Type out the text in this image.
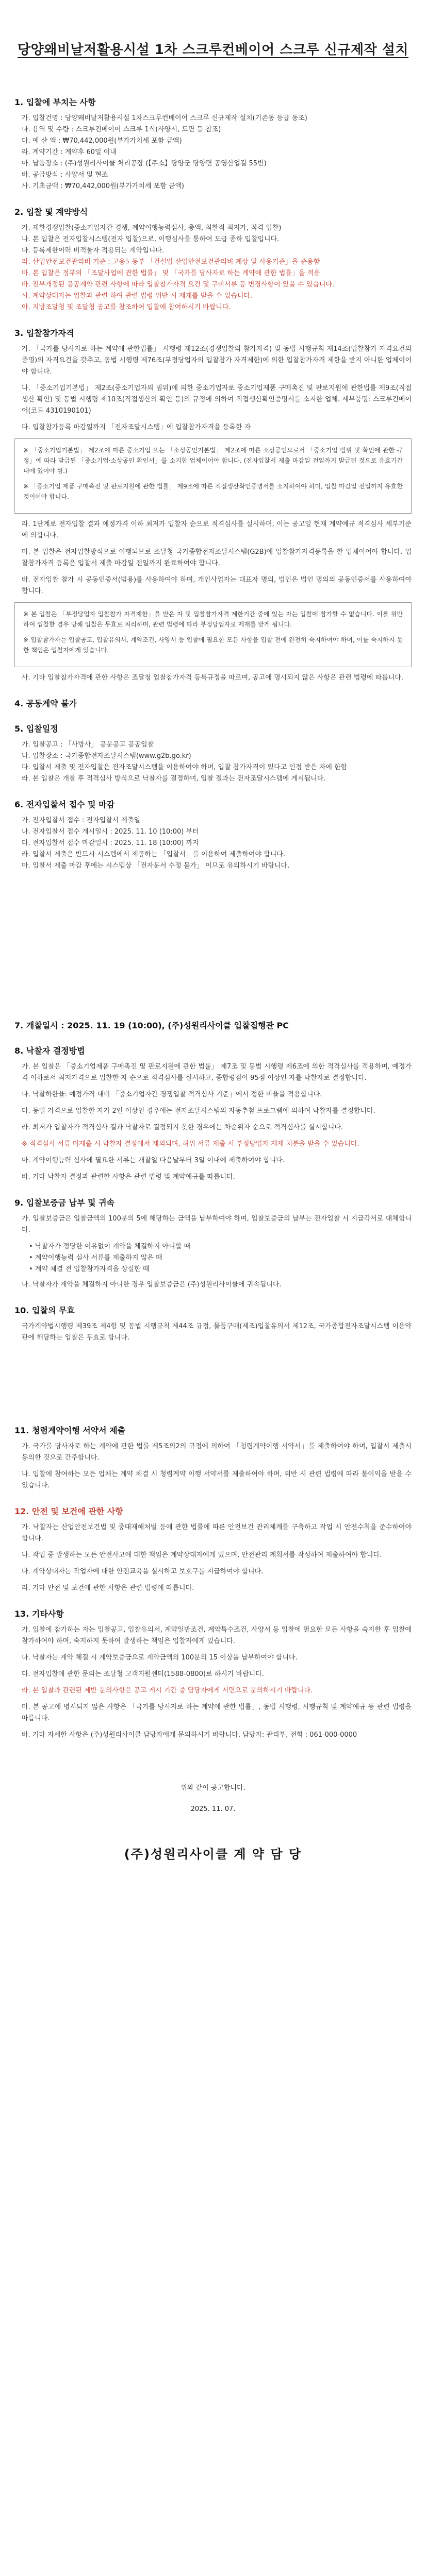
당양왜비날저활용시설 1차 스크루컨베이어 스크루 신규제작 설치

1. 입찰에 부치는 사항

가. 입찰건명 : 당양왜비날저활용시설 1차스크루컨베이어 스크루 신규제작 설치(기존동 등급 동조)

나. 용역 및 수량 : 스크루컨베이어 스크루 1식(사양서, 도면 등 참조)

다. 예 산 액 : ₩70,442,000원(부가가치세 포함 금액)

라. 계약기간 : 계약후 60일 이내

마. 납품장소 : (주)성원리사이클 처리공장 (【주소】당양군 당양면 공영산업길 55번)

바. 공급방식 : 사양서 및 현조

사. 기초금액 : ₩70,442,000원(부가가치세 포함 금액)

2. 입찰 및 계약방식

가. 제한경쟁입찰(중소기업자간 경쟁, 계약이행능력심사, 총액, 최한적 최저가, 적격 입찰)

나. 본 입찰은 전자입찰시스템(전자 입찰)으로, 이행심사를 통하여 도급 종하 입찰입니다.

다. 등록제한이력 비적물자 적용되는 계약입니다.

라. 산업안전보건관리비 기준 : 고용노동부 「건설업 산업안전보건관리비 계상 및 사용기준」을 준용함

마. 본 입찰은 정부의 「조달사업에 관한 법률」 및 「국가를 당사자로 하는 계약에 관한 법률」을 적용

바. 전부개정된 공공계약 관련 사항에 따라 입찰참가자격 요건 및 구비서류 등 변경사항이 있을 수 있습니다.

사. 계약상대자는 입찰과 관련 하여 관련 법령 위반 시 제재를 받을 수 있습니다.

아. 지방조달청 및 조달청 공고를 참조하여 입찰에 참여하시기 바랍니다.

3. 입찰참가자격

가. 「국가를 당사자로 하는 계약에 관한법률」 시행령 제12조(경쟁입찰의 참가자격) 및 동법 시행규칙 제14조(입찰참가 자격요건의 증명)의 자격요건을 갖추고, 동법 시행령 제76조(부정당업자의 입찰참가 자격제한)에 의한 입찰참가자격 제한을 받지 아니한 업체이어야 합니다.

나. 「중소기업기본법」 제2조(중소기업자의 범위)에 의한 중소기업자로 중소기업제품 구매촉진 및 판로지원에 관한법률 제9조(직접생산 확인) 및 동법 시행령 제10조(직접생산의 확인 등)의 규정에 의하여 직접생산확인증명서를 소지한 업체. 세부품명: 스크루컨베이어(코드 4310190101)

다. 입찰참가등록 마감일까지 「전자조달시스템」에 입찰참가자격을 등록한 자

※ 「중소기업기본법」 제2조에 따른 중소기업 또는 「소상공인기본법」 제2조에 따른 소상공인으로서 「중소기업 범위 및 확인에 관한 규정」에 따라 발급된 「중소기업·소상공인 확인서」를 소지한 업체이어야 합니다. (전자입찰서 제출 마감일 전일까지 발급된 것으로 유효기간 내에 있어야 함.)

※ 「중소기업 제품 구매촉진 및 판로지원에 관한 법률」 제9조에 따른 직접생산확인증명서를 소지하여야 하며, 입찰 마감일 전일까지 유효한 것이어야 합니다.

라. 1단계로 전자입찰 결과 예정가격 이하 최저가 입찰자 순으로 적격심사를 실시하며, 이는 공고일 현재 계약예규 적격심사 세부기준에 의합니다.

마. 본 입찰은 전자입찰방식으로 이행되므로 조달청 국가종합전자조달시스템(G2B)에 입찰참가자격등록을 한 업체이어야 합니다. 입찰참가자격 등록은 입찰서 제출 마감일 전일까지 완료하여야 합니다.

바. 전자입찰 참가 시 공동인증서(범용)를 사용하여야 하며, 개인사업자는 대표자 명의, 법인은 법인 명의의 공동인증서를 사용하여야 합니다.

※ 본 입찰은 「부정당업자 입찰참가 자격제한」을 받은 자 및 입찰참가자격 제한기간 중에 있는 자는 입찰에 참가할 수 없습니다. 이를 위반하여 입찰한 경우 당해 입찰은 무효로 처리하며, 관련 법령에 따라 부정당업자로 제재를 받게 됩니다.

※ 입찰참가자는 입찰공고, 입찰유의서, 계약조건, 사양서 등 입찰에 필요한 모든 사항을 입찰 전에 완전히 숙지하여야 하며, 이를 숙지하지 못한 책임은 입찰자에게 있습니다.

사. 기타 입찰참가자격에 관한 사항은 조달청 입찰참가자격 등록규정을 따르며, 공고에 명시되지 않은 사항은 관련 법령에 따릅니다.

4. 공동계약 불가

5. 입찰일정

가. 입찰공고 : 「사방사」 공문공고 공공입찰

나. 입찰장소 : 국가종합전자조달시스템(www.g2b.go.kr)

다. 입찰서 제출 및 전자입찰은 전자조달시스템을 이용하여야 하며, 입찰 참가자격이 있다고 인정 받은 자에 한함

라. 본 입찰은 개찰 후 적격심사 방식으로 낙찰자를 결정하며, 입찰 결과는 전자조달시스템에 게시됩니다.

6. 전자입찰서 접수 및 마감

가. 전자입찰서 접수 : 전자입찰서 제출일

나. 전자입찰서 접수 개시일시 : 2025. 11. 10 (10:00) 부터

다. 전자입찰서 접수 마감일시 : 2025. 11. 18 (10:00) 까지

라. 입찰서 제출은 반드시 시스템에서 제공하는 「입찰서」를 이용하여 제출하여야 합니다.

마. 입찰서 제출 마감 후에는 시스템상 「전자문서 수정 불가」 이므로 유의하시기 바랍니다.

7. 개찰일시 : 2025. 11. 19 (10:00), (주)성원리사이클 입찰집행관 PC

8. 낙찰자 결정방법

가. 본 입찰은 「중소기업제품 구매촉진 및 판로지원에 관한 법률」 제7조 및 동법 시행령 제6조에 의한 적격심사를 적용하며, 예정가격 이하로서 최저가격으로 입찰한 자 순으로 적격심사를 실시하고, 종합평점이 95점 이상인 자를 낙찰자로 결정합니다.

나. 낙찰하한율: 예정가격 대비 「중소기업자간 경쟁입찰 적격심사 기준」에서 정한 비율을 적용합니다.

다. 동일 가격으로 입찰한 자가 2인 이상인 경우에는 전자조달시스템의 자동추첨 프로그램에 의하여 낙찰자를 결정합니다.

라. 최저가 입찰자가 적격심사 결과 낙찰자로 결정되지 못한 경우에는 차순위자 순으로 적격심사를 실시합니다.

※ 적격심사 서류 미제출 시 낙찰자 결정에서 제외되며, 허위 서류 제출 시 부정당업자 제재 처분을 받을 수 있습니다.

마. 계약이행능력 심사에 필요한 서류는 개찰일 다음날부터 3일 이내에 제출하여야 합니다.

바. 기타 낙찰자 결정과 관련한 사항은 관련 법령 및 계약예규를 따릅니다.

9. 입찰보증금 납부 및 귀속

가. 입찰보증금은 입찰금액의 100분의 5에 해당하는 금액을 납부하여야 하며, 입찰보증금의 납부는 전자입찰 시 지급각서로 대체합니다.

• 낙찰자가 정당한 이유없이 계약을 체결하지 아니할 때

• 계약이행능력 심사 서류를 제출하지 않은 때

• 계약 체결 전 입찰참가자격을 상실한 때

나. 낙찰자가 계약을 체결하지 아니한 경우 입찰보증금은 (주)성원리사이클에 귀속됩니다.

10. 입찰의 무효

국가계약법시행령 제39조 제4항 및 동법 시행규칙 제44조 규정, 물품구매(제조)입찰유의서 제12조, 국가종합전자조달시스템 이용약관에 해당하는 입찰은 무효로 합니다.

11. 청렴계약이행 서약서 제출

가. 국가를 당사자로 하는 계약에 관한 법률 제5조의2의 규정에 의하여 「청렴계약이행 서약서」를 제출하여야 하며, 입찰서 제출시 동의한 것으로 간주합니다.

나. 입찰에 참여하는 모든 업체는 계약 체결 시 청렴계약 이행 서약서를 제출하여야 하며, 위반 시 관련 법령에 따라 불이익을 받을 수 있습니다.

12. 안전 및 보건에 관한 사항

가. 낙찰자는 산업안전보건법 및 중대재해처벌 등에 관한 법률에 따른 안전보건 관리체계를 구축하고 작업 시 안전수칙을 준수하여야 합니다.

나. 작업 중 발생하는 모든 안전사고에 대한 책임은 계약상대자에게 있으며, 안전관리 계획서를 작성하여 제출하여야 합니다.

다. 계약상대자는 작업자에 대한 안전교육을 실시하고 보호구를 지급하여야 합니다.

라. 기타 안전 및 보건에 관한 사항은 관련 법령에 따릅니다.

13. 기타사항

가. 입찰에 참가하는 자는 입찰공고, 입찰유의서, 계약일반조건, 계약특수조건, 사양서 등 입찰에 필요한 모든 사항을 숙지한 후 입찰에 참가하여야 하며, 숙지하지 못하여 발생하는 책임은 입찰자에게 있습니다.

나. 낙찰자는 계약 체결 시 계약보증금으로 계약금액의 100분의 15 이상을 납부하여야 합니다.

다. 전자입찰에 관한 문의는 조달청 고객지원센터(1588-0800)로 하시기 바랍니다.

라. 본 입찰과 관련된 제반 문의사항은 공고 게시 기간 중 담당자에게 서면으로 문의하시기 바랍니다.

마. 본 공고에 명시되지 않은 사항은 「국가를 당사자로 하는 계약에 관한 법률」, 동법 시행령, 시행규칙 및 계약예규 등 관련 법령을 따릅니다.

바. 기타 자세한 사항은 (주)성원리사이클 담당자에게 문의하시기 바랍니다. 담당자: 관리부, 전화 : 061-000-0000

위와 같이 공고합니다.

2025. 11. 07.

(주)성원리사이클 계 약 담 당
